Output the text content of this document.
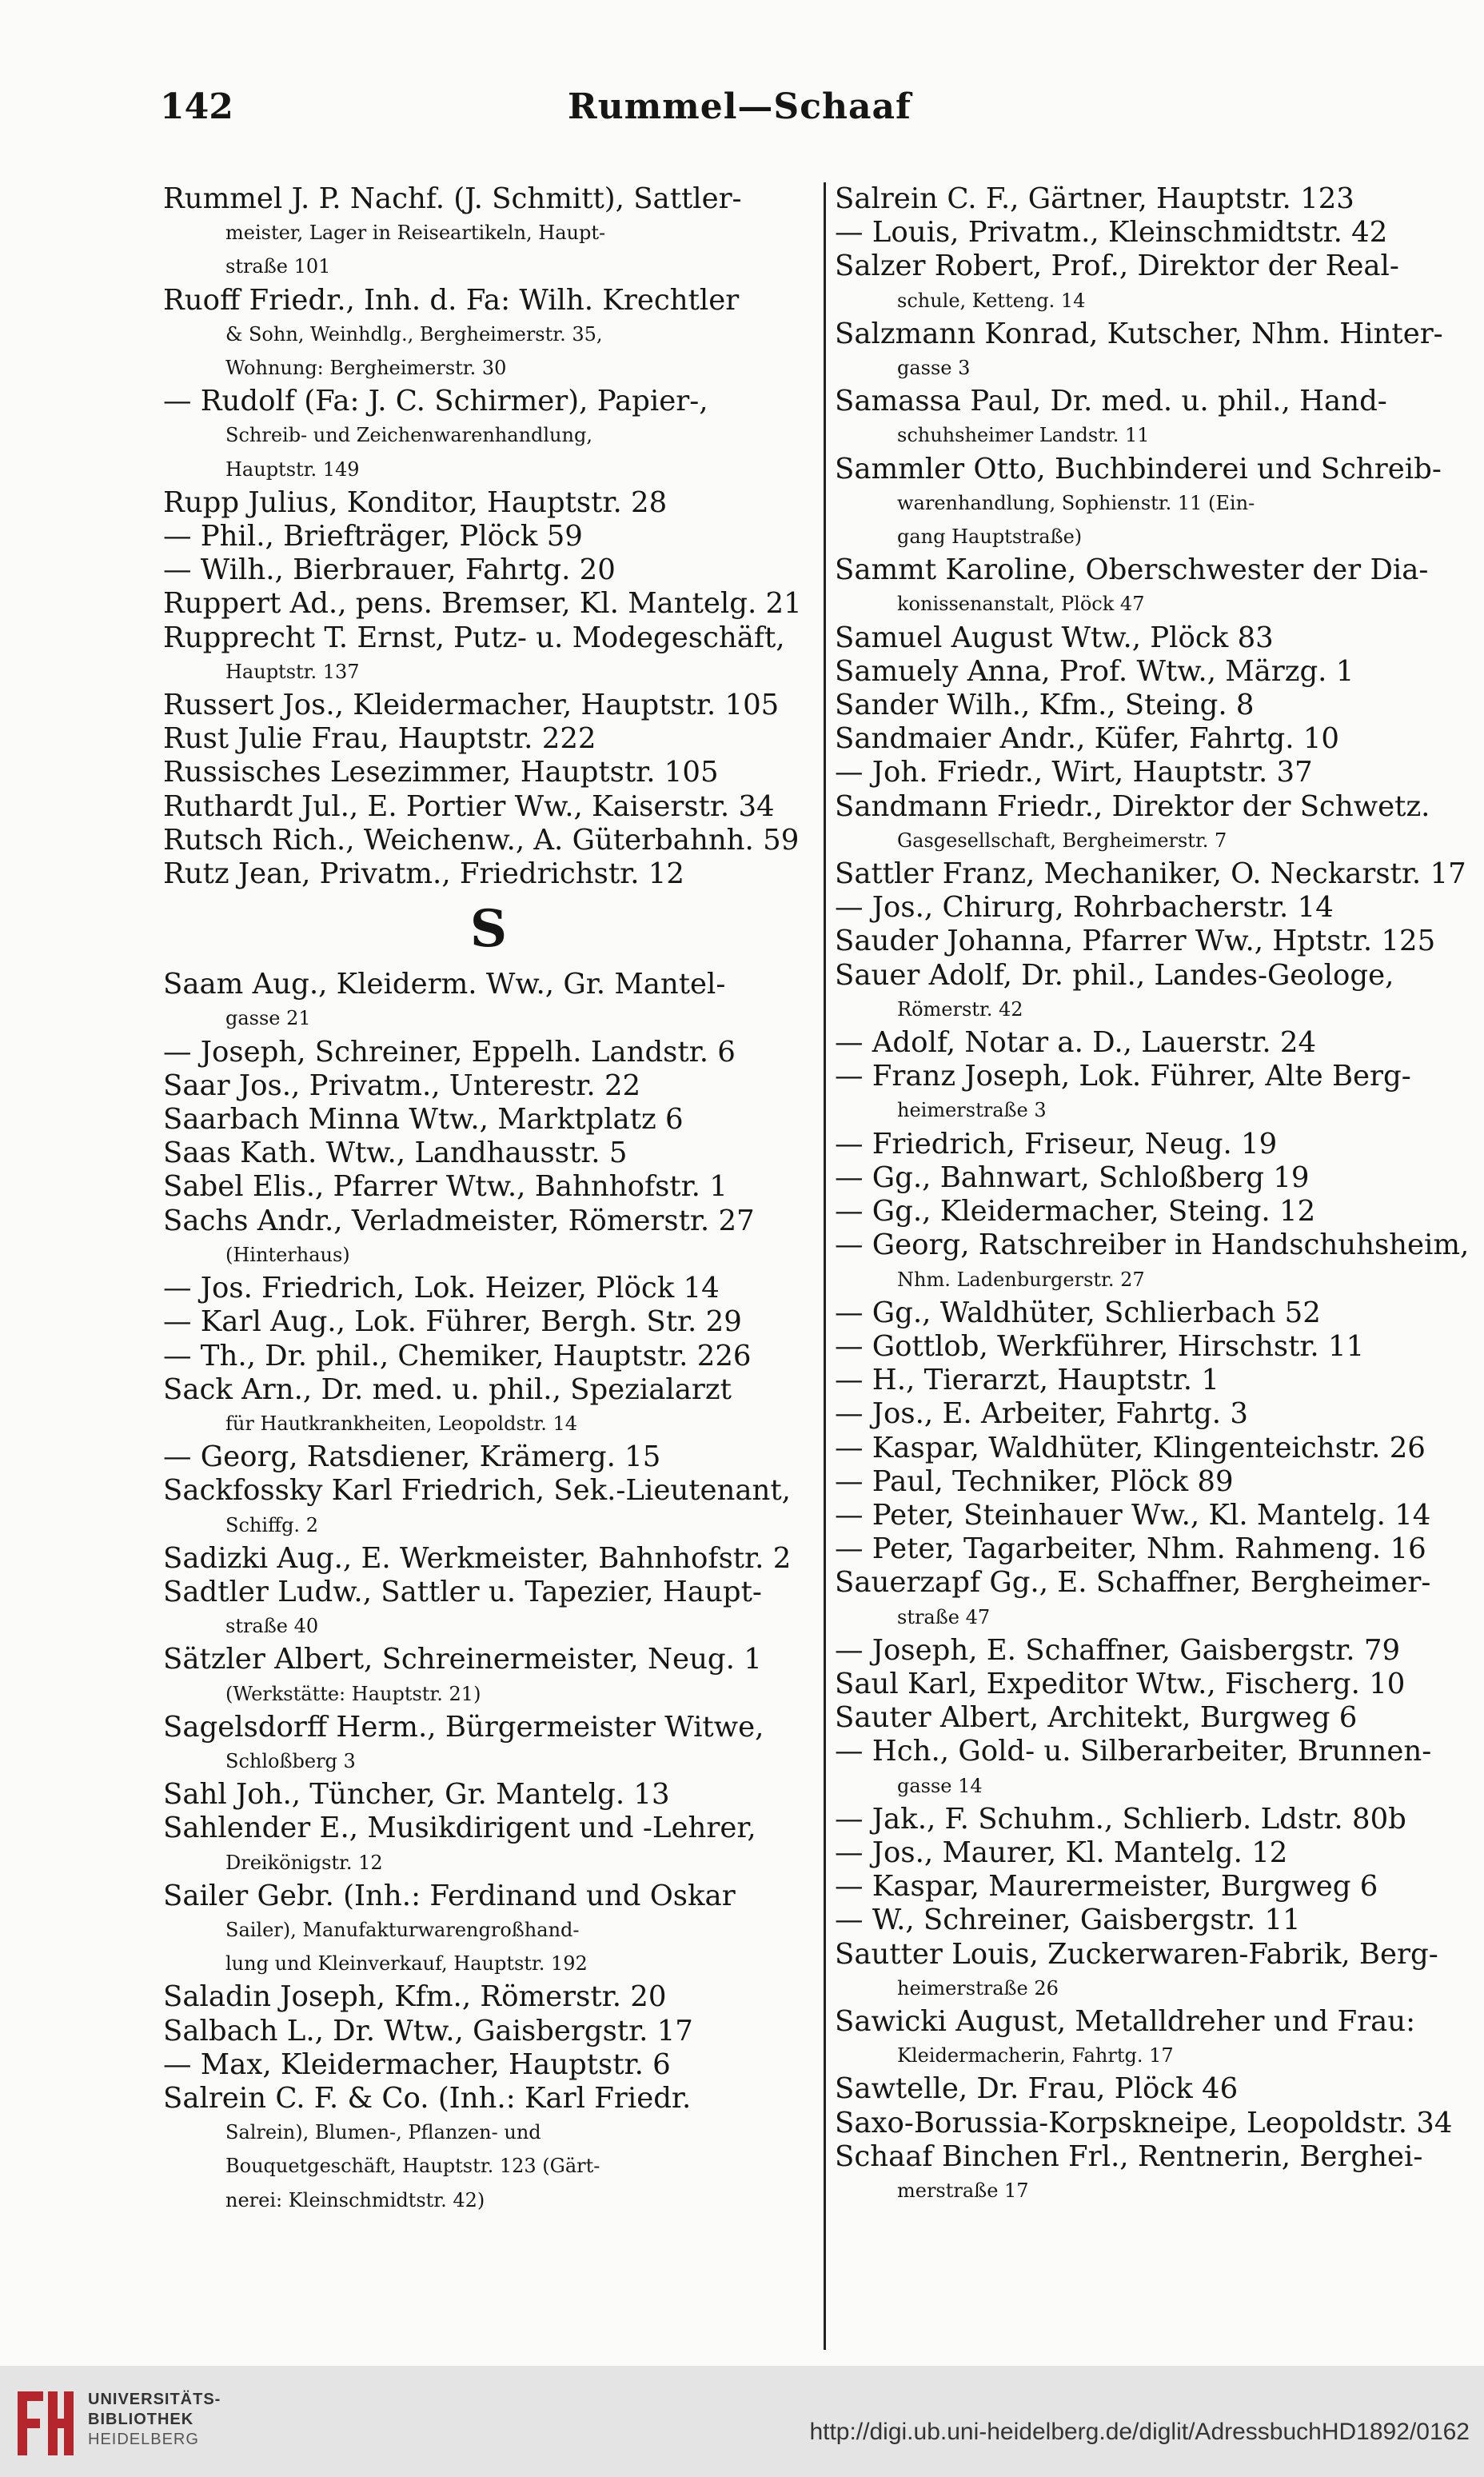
142	Rummel—Schaaf
Rummel J. P. Nachf. (J. Schmitt), Sattler-
meister, Lager in Reiseartikeln, Haupt-
straße 101
Ruoff Friedr., Inh. d. Fa: Wilh. Krechtler
& Sohn, Weinhdlg., Bergheimerstr. 35,
Wohnung: Bergheimerstr. 30
— Rudolf (Fa: J. C. Schirmer), Papier-,
Schreib- und Zeichenwarenhandlung,
Hauptstr. 149
Rupp Julius, Konditor, Hauptstr. 28
— Phil., Briefträger, Plöck 59
— Wilh., Bierbrauer, Fahrtg. 20
Ruppert Ad., pens. Bremser, Kl. Mantelg. 21
Rupprecht T. Ernst, Putz- u. Modegeschäft,
Hauptstr. 137
Russert Jos., Kleidermacher, Hauptstr. 105
Rust Julie Frau, Hauptstr. 222
Russisches Lesezimmer, Hauptstr. 105
Ruthardt Jul., E. Portier Ww., Kaiserstr. 34
Rutsch Rich., Weichenw., A. Güterbahnh. 59
Rutz Jean, Privatm., Friedrichstr. 12
S
Saam Aug., Kleiderm. Ww., Gr. Mantel-
gasse 21
— Joseph, Schreiner, Eppelh. Landstr. 6
Saar Jos., Privatm., Unterestr. 22
Saarbach Minna Wtw., Marktplatz 6
Saas Kath. Wtw., Landhausstr. 5
Sabel Elis., Pfarrer Wtw., Bahnhofstr. 1
Sachs Andr., Verladmeister, Römerstr. 27
(Hinterhaus)
— Jos. Friedrich, Lok. Heizer, Plöck 14
— Karl Aug., Lok. Führer, Bergh. Str. 29
— Th., Dr. phil., Chemiker, Hauptstr. 226
Sack Arn., Dr. med. u. phil., Spezialarzt
für Hautkrankheiten, Leopoldstr. 14
— Georg, Ratsdiener, Krämerg. 15
Sackfossky Karl Friedrich, Sek.-Lieutenant,
Schiffg. 2
Sadizki Aug., E. Werkmeister, Bahnhofstr. 2
Sadtler Ludw., Sattler u. Tapezier, Haupt-
straße 40
Sätzler Albert, Schreinermeister, Neug. 1
(Werkstätte: Hauptstr. 21)
Sagelsdorff Herm., Bürgermeister Witwe,
Schloßberg 3
Sahl Joh., Tüncher, Gr. Mantelg. 13
Sahlender E., Musikdirigent und -Lehrer,
Dreikönigstr. 12
Sailer Gebr. (Inh.: Ferdinand und Oskar
Sailer), Manufakturwarengroßhand-
lung und Kleinverkauf, Hauptstr. 192
Saladin Joseph, Kfm., Römerstr. 20
Salbach L., Dr. Wtw., Gaisbergstr. 17
— Max, Kleidermacher, Hauptstr. 6
Salrein C. F. & Co. (Inh.: Karl Friedr.
Salrein), Blumen-, Pflanzen- und
Bouquetgeschäft, Hauptstr. 123 (Gärt-
nerei: Kleinschmidtstr. 42)
Salrein C. F., Gärtner, Hauptstr. 123
— Louis, Privatm., Kleinschmidtstr. 42
Salzer Robert, Prof., Direktor der Real-
schule, Ketteng. 14
Salzmann Konrad, Kutscher, Nhm. Hinter-
gasse 3
Samassa Paul, Dr. med. u. phil., Hand-
schuhsheimer Landstr. 11
Sammler Otto, Buchbinderei und Schreib-
warenhandlung, Sophienstr. 11 (Ein-
gang Hauptstraße)
Sammt Karoline, Oberschwester der Dia-
konissenanstalt, Plöck 47
Samuel August Wtw., Plöck 83
Samuely Anna, Prof. Wtw., Märzg. 1
Sander Wilh., Kfm., Steing. 8
Sandmaier Andr., Küfer, Fahrtg. 10
— Joh. Friedr., Wirt, Hauptstr. 37
Sandmann Friedr., Direktor der Schwetz.
Gasgesellschaft, Bergheimerstr. 7
Sattler Franz, Mechaniker, O. Neckarstr. 17
— Jos., Chirurg, Rohrbacherstr. 14
Sauder Johanna, Pfarrer Ww., Hptstr. 125
Sauer Adolf, Dr. phil., Landes-Geologe,
Römerstr. 42
— Adolf, Notar a. D., Lauerstr. 24
— Franz Joseph, Lok. Führer, Alte Berg-
heimerstraße 3
— Friedrich, Friseur, Neug. 19
— Gg., Bahnwart, Schloßberg 19
— Gg., Kleidermacher, Steing. 12
— Georg, Ratschreiber in Handschuhsheim,
Nhm. Ladenburgerstr. 27
— Gg., Waldhüter, Schlierbach 52
— Gottlob, Werkführer, Hirschstr. 11
— H., Tierarzt, Hauptstr. 1
— Jos., E. Arbeiter, Fahrtg. 3
— Kaspar, Waldhüter, Klingenteichstr. 26
— Paul, Techniker, Plöck 89
— Peter, Steinhauer Ww., Kl. Mantelg. 14
— Peter, Tagarbeiter, Nhm. Rahmeng. 16
Sauerzapf Gg., E. Schaffner, Bergheimer-
straße 47
— Joseph, E. Schaffner, Gaisbergstr. 79
Saul Karl, Expeditor Wtw., Fischerg. 10
Sauter Albert, Architekt, Burgweg 6
— Hch., Gold- u. Silberarbeiter, Brunnen-
gasse 14
— Jak., F. Schuhm., Schlierb. Ldstr. 80b
— Jos., Maurer, Kl. Mantelg. 12
— Kaspar, Maurermeister, Burgweg 6
— W., Schreiner, Gaisbergstr. 11
Sautter Louis, Zuckerwaren-Fabrik, Berg-
heimerstraße 26
Sawicki August, Metalldreher und Frau:
Kleidermacherin, Fahrtg. 17
Sawtelle, Dr. Frau, Plöck 46
Saxo-Borussia-Korpskneipe, Leopoldstr. 34
Schaaf Binchen Frl., Rentnerin, Berghei-
merstraße 17
UNIVERSITÄTS-
BIBLIOTHEK
HEIDELBERG	http://digi.ub.uni-heidelberg.de/diglit/AdressbuchHD1892/0162
